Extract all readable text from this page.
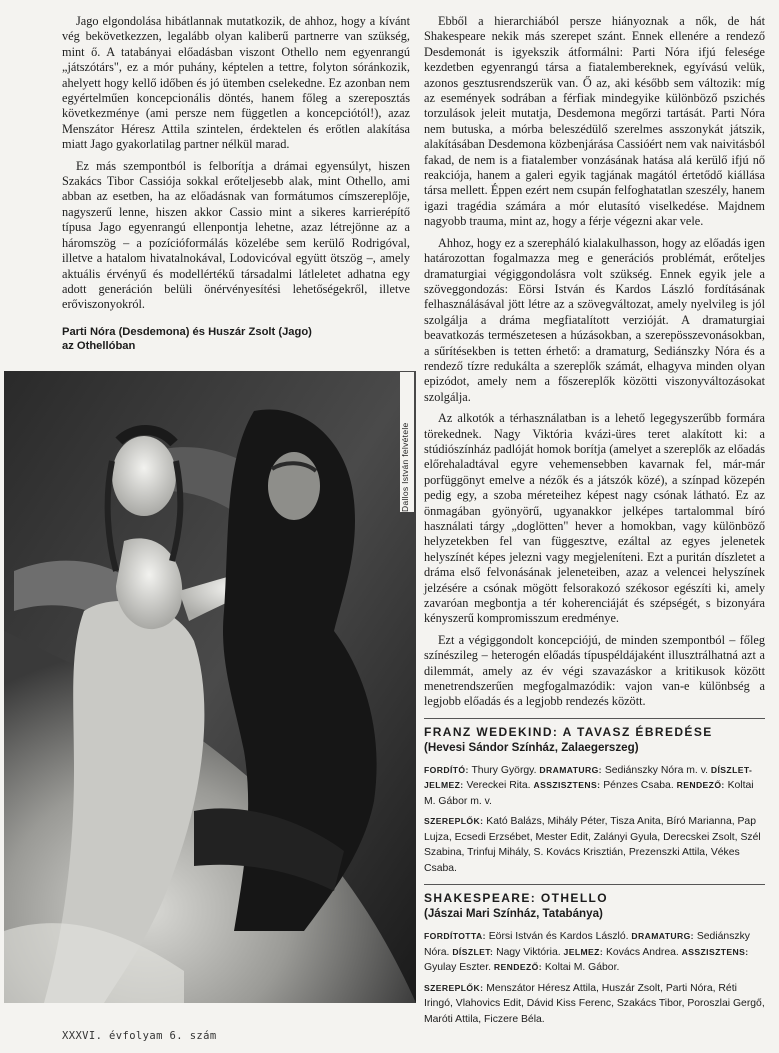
Jago elgondolása hibátlannak mutatkozik, de ahhoz, hogy a kívánt vég bekövetkezzen, legalább olyan kaliberű partnerre van szükség, mint ő. A tatabányai előadásban viszont Othello nem egyenrangú „játszótárs", ez a mór puhány, képtelen a tettre, folyton sóránkozik, ahelyett hogy kellő időben és jó ütemben cselekedne. Ez azonban nem egyértelműen koncepcionális döntés, hanem főleg a szereposztás következménye (ami persze nem független a koncepciótól!), azaz Menszátor Héresz Attila szintelen, érdektelen és erőtlen alakítása miatt Jago gyakorlatilag partner nélkül marad.

Ez más szempontból is felborítja a drámai egyensúlyt, hiszen Szakács Tibor Cassiója sokkal erőteljesebb alak, mint Othello, ami abban az esetben, ha az előadásnak van formátumos címszereplője, nagyszerű lenne, hiszen akkor Cassio mint a sikeres karrierépítő típusa Jago egyenrangú ellenpontja lehetne, azaz létrejönne az a háromszög – a pozícióformálás közelébe sem kerülő Rodrigóval, illetve a hatalom hivatalnokával, Lodovicóval együtt ötszög –, amely aktuális érvényű és modellértékű társadalmi látleletet adhatna egy adott generáción belüli önérvényesítési lehetőségekről, illetve erőviszonyokról.

Parti Nóra (Desdemona) és Huszár Zsolt (Jago)
az Othellóban
Dallos István felvétele

Ebből a hierarchiából persze hiányoznak a nők, de hát Shakespeare nekik más szerepet szánt. Ennek ellenére a rendező Desdemonát is igyekszik átformálni: Parti Nóra ifjú felesége kezdetben egyenrangú társa a fiatalembereknek, egyívású velük, azonos gesztusrendszerük van. Ő az, aki később sem változik: míg az események sodrában a férfiak mindegyike különböző pszichés torzulások jeleit mutatja, Desdemona megőrzi tartását. Parti Nóra nem butuska, a mórba beleszédülő szerelmes asszonykát játszik, alakításában Desdemona közbenjárása Cassióért nem vak naivitásból fakad, de nem is a fiatalember vonzásának hatása alá kerülő ifjú nő reakciója, hanem a galeri egyik tagjának magától értetődő kiállása társa mellett. Éppen ezért nem csupán felfoghatatlan szeszély, hanem igazi tragédia számára a mór elutasító viselkedése. Majdnem nagyobb trauma, mint az, hogy a férje végezni akar vele.

Ahhoz, hogy ez a szerepháló kialakulhasson, hogy az előadás igen határozottan fogalmazza meg e generációs problémát, erőteljes dramaturgiai végiggondolásra volt szükség. Ennek egyik jele a szöveggondozás: Eörsi István és Kardos László fordításának felhasználásával jött létre az a szövegváltozat, amely nyelvileg is jól szolgálja a dráma megfiatalított verzióját. A dramaturgiai beavatkozás természetesen a húzásokban, a szerepösszevonásokban, a sűrítésekben is tetten érhető: a dramaturg, Sediánszky Nóra és a rendező tízre redukálta a szereplők számát, elhagyva minden olyan epizódot, amely nem a főszereplők közötti viszonyváltozásokat szolgálja.

Az alkotók a térhasználatban is a lehető legegyszerűbb formára törekednek. Nagy Viktória kvázi-üres teret alakított ki: a stúdiószínház padlóját homok borítja (amelyet a szereplők az előadás előrehaladtával egyre vehemensebben kavarnak fel, már-már porfüggönyt emelve a nézők és a játszók közé), a színpad közepén pedig egy, a szoba méreteihez képest nagy csónak látható. Ez az önmagában gyönyörű, ugyanakkor jelképes tartalommal bíró használati tárgy „doglötten" hever a homokban, vagy különböző helyzetekben fel van függesztve, ezáltal az egyes jelenetek helyszínét képes jelezni vagy megjeleníteni. Ezt a puritán díszletet a dráma első felvonásának jeleneteiben, azaz a velencei helyszínek jelzésére a csónak mögött felsorakozó székosor egészíti ki, amely zavaróan megbontja a tér koherenciáját és szépségét, s bizonyára kényszerű kompromisszum eredménye.

Ezt a végiggondolt koncepciójú, de minden szempontból – főleg színészileg – heterogén előadás típuspéldájaként illusztrálhatná azt a dilemmát, amely az év végi szavazáskor a kritikusok között menetrendszerűen megfogalmazódik: vajon van-e különbség a legjobb előadás és a legjobb rendezés között.

FRANZ WEDEKIND: A TAVASZ ÉBREDÉSE

(Hevesi Sándor Színház, Zalaegerszeg)

FORDÍTÓ: Thury György. DRAMATURG: Sediánszky Nóra m. v. DÍSZLET-JELMEZ: Vereckei Rita. ASSZISZTENS: Pénzes Csaba. RENDEZŐ: Koltai M. Gábor m. v.

SZEREPLŐK: Kató Balázs, Mihály Péter, Tisza Anita, Bíró Marianna, Pap Lujza, Ecsedi Erzsébet, Mester Edit, Zalányi Gyula, Derecskei Zsolt, Szél Szabina, Trinfuj Mihály, S. Kovács Krisztián, Prezenszki Attila, Vékes Csaba.

SHAKESPEARE: OTHELLO

(Jászai Mari Színház, Tatabánya)

FORDÍTOTTA: Eörsi István és Kardos László. DRAMATURG: Sediánszky Nóra. DÍSZLET: Nagy Viktória. JELMEZ: Kovács Andrea. ASSZISZTENS: Gyulay Eszter. RENDEZŐ: Koltai M. Gábor.

SZEREPLŐK: Menszátor Héresz Attila, Huszár Zsolt, Parti Nóra, Réti Iringó, Vlahovics Edit, Dávid Kiss Ferenc, Szakács Tibor, Poroszlai Gergő, Maróti Attila, Ficzere Béla.

XXXVI. évfolyam 6. szám
